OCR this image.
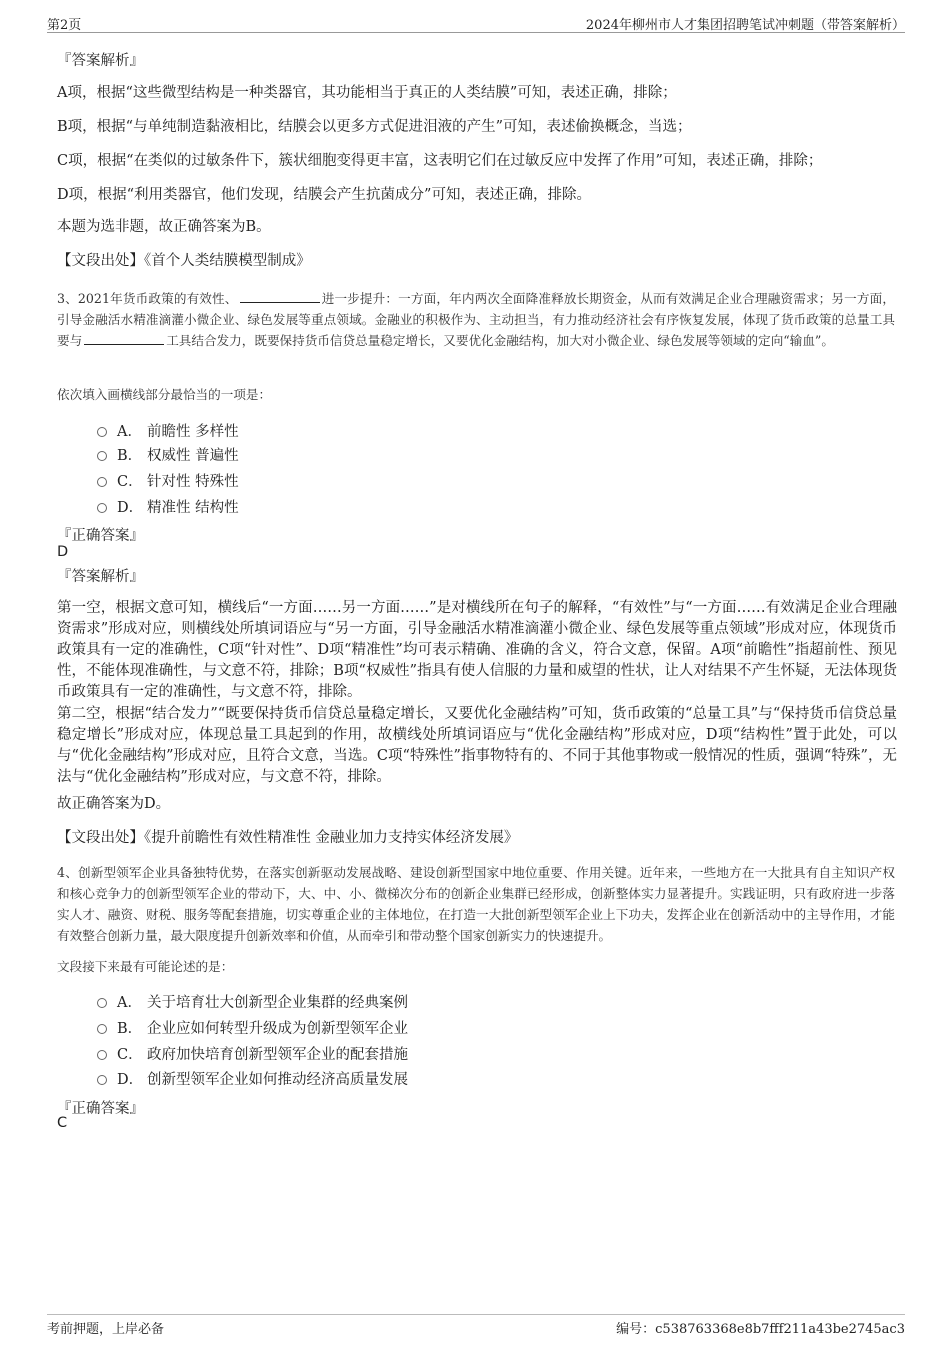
第2页	2024年柳州市人才集团招聘笔试冲刺题（带答案解析）
『答案解析』
A项，根据“这些微型结构是一种类器官，其功能相当于真正的人类结膜”可知，表述正确，排除；
B项，根据“与单纯制造黏液相比，结膜会以更多方式促进泪液的产生”可知，表述偷换概念，当选；
C项，根据“在类似的过敏条件下，簇状细胞变得更丰富，这表明它们在过敏反应中发挥了作用”可知，表述正确，排除；
D项，根据“利用类器官，他们发现，结膜会产生抗菌成分”可知，表述正确，排除。
本题为选非题，故正确答案为B。
【文段出处】《首个人类结膜模型制成》
3、2021年货币政策的有效性、	进一步提升：一方面，年内两次全面降准释放长期资金，从而有效满足企业合理融资需求；另一方面，引导金融活水精准滴灌小微企业、绿色发展等重点领域。金融业的积极作为、主动担当，有力推动经济社会有序恢复发展，体现了货币政策的总量工具要与	工具结合发力，既要保持货币信贷总量稳定增长，又要优化金融结构，加大对小微企业、绿色发展等领域的定向“输血”。
依次填入画横线部分最恰当的一项是：
A． 前瞻性 多样性
B． 权威性 普遍性
C． 针对性 特殊性
D． 精准性 结构性
『正确答案』
D
『答案解析』
第一空，根据文意可知，横线后“一方面……另一方面……”是对横线所在句子的解释，“有效性”与“一方面……有效满足企业合理融资需求”形成对应，则横线处所填词语应与“另一方面，引导金融活水精准滴灌小微企业、绿色发展等重点领域”形成对应，体现货币政策具有一定的准确性，C项“针对性”、D项“精准性”均可表示精确、准确的含义，符合文意，保留。A项“前瞻性”指超前性、预见性，不能体现准确性，与文意不符，排除；B项“权威性”指具有使人信服的力量和威望的性状，让人对结果不产生怀疑，无法体现货币政策具有一定的准确性，与文意不符，排除。
第二空，根据“结合发力”“既要保持货币信贷总量稳定增长，又要优化金融结构”可知，货币政策的“总量工具”与“保持货币信贷总量稳定增长”形成对应，体现总量工具起到的作用，故横线处所填词语应与“优化金融结构”形成对应，D项“结构性”置于此处，可以与“优化金融结构”形成对应，且符合文意，当选。C项“特殊性”指事物特有的、不同于其他事物或一般情况的性质，强调“特殊”，无法与“优化金融结构”形成对应，与文意不符，排除。
故正确答案为D。
【文段出处】《提升前瞻性有效性精准性 金融业加力支持实体经济发展》
4、创新型领军企业具备独特优势，在落实创新驱动发展战略、建设创新型国家中地位重要、作用关键。近年来，一些地方在一大批具有自主知识产权和核心竞争力的创新型领军企业的带动下，大、中、小、微梯次分布的创新企业集群已经形成，创新整体实力显著提升。实践证明，只有政府进一步落实人才、融资、财税、服务等配套措施，切实尊重企业的主体地位，在打造一大批创新型领军企业上下功夫，发挥企业在创新活动中的主导作用，才能有效整合创新力量，最大限度提升创新效率和价值，从而牵引和带动整个国家创新实力的快速提升。
文段接下来最有可能论述的是：
A． 关于培育壮大创新型企业集群的经典案例
B． 企业应如何转型升级成为创新型领军企业
C． 政府加快培育创新型领军企业的配套措施
D． 创新型领军企业如何推动经济高质量发展
『正确答案』
C
考前押题，上岸必备	编号：c538763368e8b7fff211a43be2745ac3
